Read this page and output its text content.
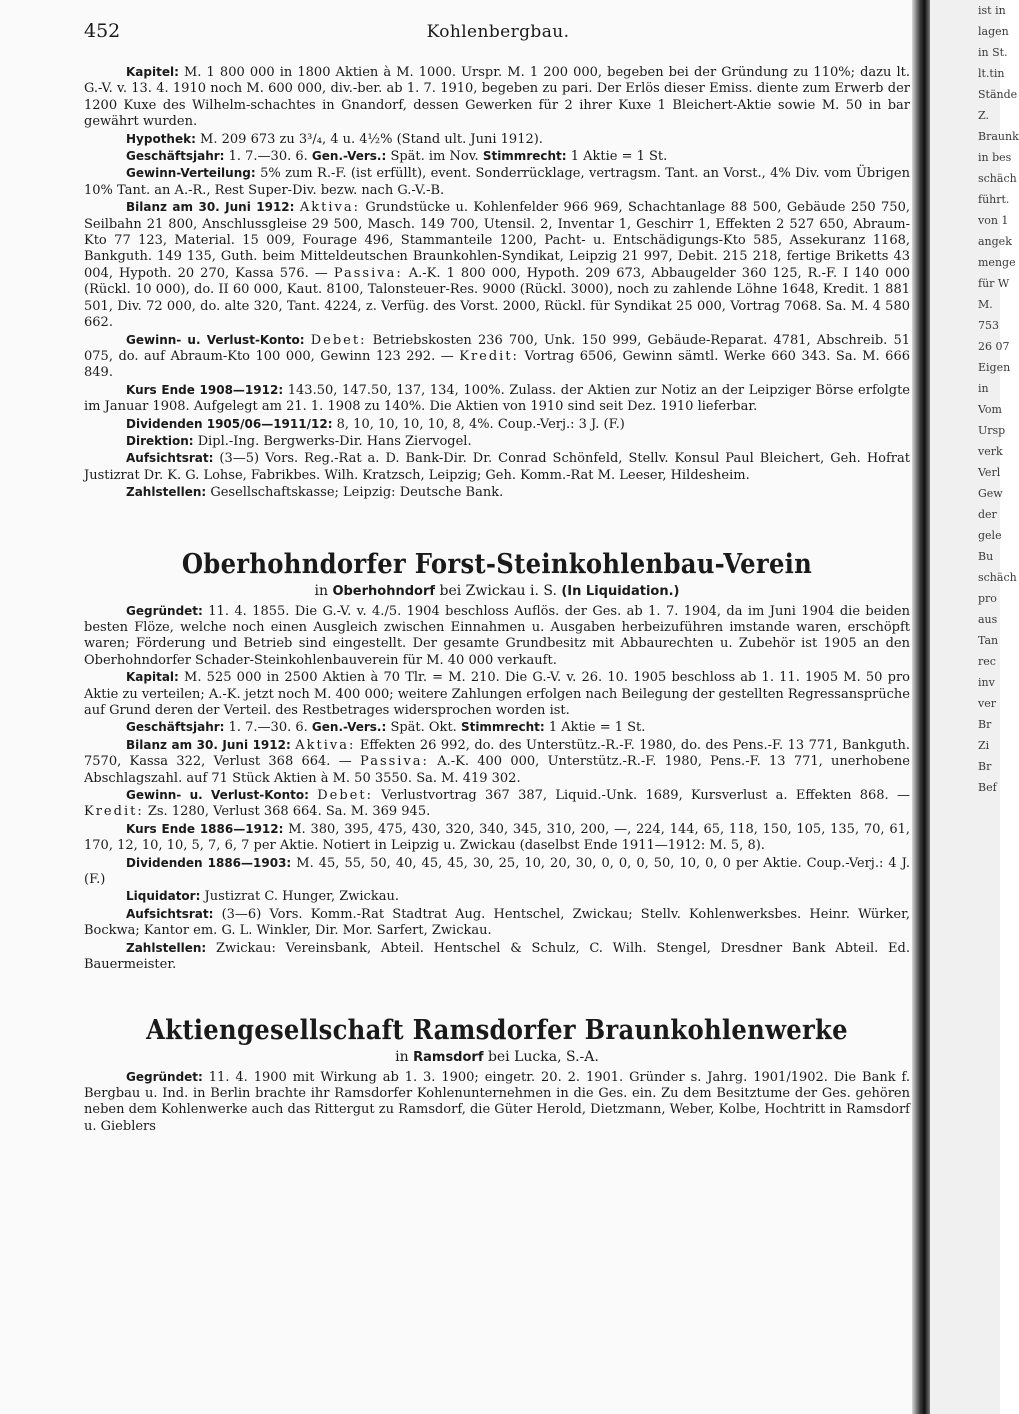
452	Kohlenbergbau.

Kapitel: M. 1 800 000 in 1800 Aktien à M. 1000. Urspr. M. 1 200 000, begeben bei der Gründung zu 110%; dazu lt. G.-V. v. 13. 4. 1910 noch M. 600 000, div.-ber. ab 1. 7. 1910, begeben zu pari. Der Erlös dieser Emiss. diente zum Erwerb der 1200 Kuxe des Wilhelm-schachtes in Gnandorf, dessen Gewerken für 2 ihrer Kuxe 1 Bleichert-Aktie sowie M. 50 in bar gewährt wurden.

Hypothek: M. 209 673 zu 3³/₄, 4 u. 4½% (Stand ult. Juni 1912).

Geschäftsjahr: 1. 7.—30. 6. Gen.-Vers.: Spät. im Nov. Stimmrecht: 1 Aktie = 1 St.

Gewinn-Verteilung: 5% zum R.-F. (ist erfüllt), event. Sonderrücklage, vertragsm. Tant. an Vorst., 4% Div. vom Übrigen 10% Tant. an A.-R., Rest Super-Div. bezw. nach G.-V.-B.

Bilanz am 30. Juni 1912: Aktiva: Grundstücke u. Kohlenfelder 966 969, Schachtanlage 88 500, Gebäude 250 750, Seilbahn 21 800, Anschlussgleise 29 500, Masch. 149 700, Utensil. 2, Inventar 1, Geschirr 1, Effekten 2 527 650, Abraum-Kto 77 123, Material. 15 009, Fourage 496, Stammanteile 1200, Pacht- u. Entschädigungs-Kto 585, Assekuranz 1168, Bankguth. 149 135, Guth. beim Mitteldeutschen Braunkohlen-Syndikat, Leipzig 21 997, Debit. 215 218, fertige Briketts 43 004, Hypoth. 20 270, Kassa 576. — Passiva: A.-K. 1 800 000, Hypoth. 209 673, Abbaugelder 360 125, R.-F. I 140 000 (Rückl. 10 000), do. II 60 000, Kaut. 8100, Talonsteuer-Res. 9000 (Rückl. 3000), noch zu zahlende Löhne 1648, Kredit. 1 881 501, Div. 72 000, do. alte 320, Tant. 4224, z. Verfüg. des Vorst. 2000, Rückl. für Syndikat 25 000, Vortrag 7068. Sa. M. 4 580 662.

Gewinn- u. Verlust-Konto: Debet: Betriebskosten 236 700, Unk. 150 999, Gebäude-Reparat. 4781, Abschreib. 51 075, do. auf Abraum-Kto 100 000, Gewinn 123 292. — Kredit: Vortrag 6506, Gewinn sämtl. Werke 660 343. Sa. M. 666 849.

Kurs Ende 1908—1912: 143.50, 147.50, 137, 134, 100%. Zulass. der Aktien zur Notiz an der Leipziger Börse erfolgte im Januar 1908. Aufgelegt am 21. 1. 1908 zu 140%. Die Aktien von 1910 sind seit Dez. 1910 lieferbar.

Dividenden 1905/06—1911/12: 8, 10, 10, 10, 10, 8, 4%. Coup.-Verj.: 3 J. (F.)

Direktion: Dipl.-Ing. Bergwerks-Dir. Hans Ziervogel.

Aufsichtsrat: (3—5) Vors. Reg.-Rat a. D. Bank-Dir. Dr. Conrad Schönfeld, Stellv. Konsul Paul Bleichert, Geh. Hofrat Justizrat Dr. K. G. Lohse, Fabrikbes. Wilh. Kratzsch, Leipzig; Geh. Komm.-Rat M. Leeser, Hildesheim.

Zahlstellen: Gesellschaftskasse; Leipzig: Deutsche Bank.

Oberhohndorfer Forst-Steinkohlenbau-Verein
in Oberhohndorf bei Zwickau i. S. (In Liquidation.)

Gegründet: 11. 4. 1855. Die G.-V. v. 4./5. 1904 beschloss Auflös. der Ges. ab 1. 7. 1904, da im Juni 1904 die beiden besten Flöze, welche noch einen Ausgleich zwischen Einnahmen u. Ausgaben herbeizuführen imstande waren, erschöpft waren; Förderung und Betrieb sind eingestellt. Der gesamte Grundbesitz mit Abbaurechten u. Zubehör ist 1905 an den Oberhohndorfer Schader-Steinkohlenbauverein für M. 40 000 verkauft.

Kapital: M. 525 000 in 2500 Aktien à 70 Tlr. = M. 210. Die G.-V. v. 26. 10. 1905 beschloss ab 1. 11. 1905 M. 50 pro Aktie zu verteilen; A.-K. jetzt noch M. 400 000; weitere Zahlungen erfolgen nach Beilegung der gestellten Regressansprüche auf Grund deren der Verteil. des Restbetrages widersprochen worden ist.

Geschäftsjahr: 1. 7.—30. 6. Gen.-Vers.: Spät. Okt. Stimmrecht: 1 Aktie = 1 St.

Bilanz am 30. Juni 1912: Aktiva: Effekten 26 992, do. des Unterstütz.-R.-F. 1980, do. des Pens.-F. 13 771, Bankguth. 7570, Kassa 322, Verlust 368 664. — Passiva: A.-K. 400 000, Unterstütz.-R.-F. 1980, Pens.-F. 13 771, unerhobene Abschlagszahl. auf 71 Stück Aktien à M. 50 3550. Sa. M. 419 302.

Gewinn- u. Verlust-Konto: Debet: Verlustvortrag 367 387, Liquid.-Unk. 1689, Kursverlust a. Effekten 868. — Kredit: Zs. 1280, Verlust 368 664. Sa. M. 369 945.

Kurs Ende 1886—1912: M. 380, 395, 475, 430, 320, 340, 345, 310, 200, —, 224, 144, 65, 118, 150, 105, 135, 70, 61, 170, 12, 10, 10, 5, 7, 6, 7 per Aktie. Notiert in Leipzig u. Zwickau (daselbst Ende 1911—1912: M. 5, 8).

Dividenden 1886—1903: M. 45, 55, 50, 40, 45, 45, 30, 25, 10, 20, 30, 0, 0, 0, 50, 10, 0, 0 per Aktie. Coup.-Verj.: 4 J. (F.)

Liquidator: Justizrat C. Hunger, Zwickau.

Aufsichtsrat: (3—6) Vors. Komm.-Rat Stadtrat Aug. Hentschel, Zwickau; Stellv. Kohlenwerksbes. Heinr. Würker, Bockwa; Kantor em. G. L. Winkler, Dir. Mor. Sarfert, Zwickau.

Zahlstellen: Zwickau: Vereinsbank, Abteil. Hentschel & Schulz, C. Wilh. Stengel, Dresdner Bank Abteil. Ed. Bauermeister.

Aktiengesellschaft Ramsdorfer Braunkohlenwerke
in Ramsdorf bei Lucka, S.-A.

Gegründet: 11. 4. 1900 mit Wirkung ab 1. 3. 1900; eingetr. 20. 2. 1901. Gründer s. Jahrg. 1901/1902. Die Bank f. Bergbau u. Ind. in Berlin brachte ihr Ramsdorfer Kohlenunternehmen in die Ges. ein. Zu dem Besitztume der Ges. gehören neben dem Kohlenwerke auch das Rittergut zu Ramsdorf, die Güter Herold, Dietzmann, Weber, Kolbe, Hochtritt in Ramsdorf u. Gieblers

ist in
lagen
in St.
lt.tin
Stände
Z.
Braunk
in bes
schäch
führt.
von 1
angek
menge
für W
M.
753
26 07
Eigen
in
Vom
Ursp
verk
Verl
Gew
der
gele
Bu
schäch
pro
aus
Tan
rec
inv
ver
Br
Zi
Br
Bef
